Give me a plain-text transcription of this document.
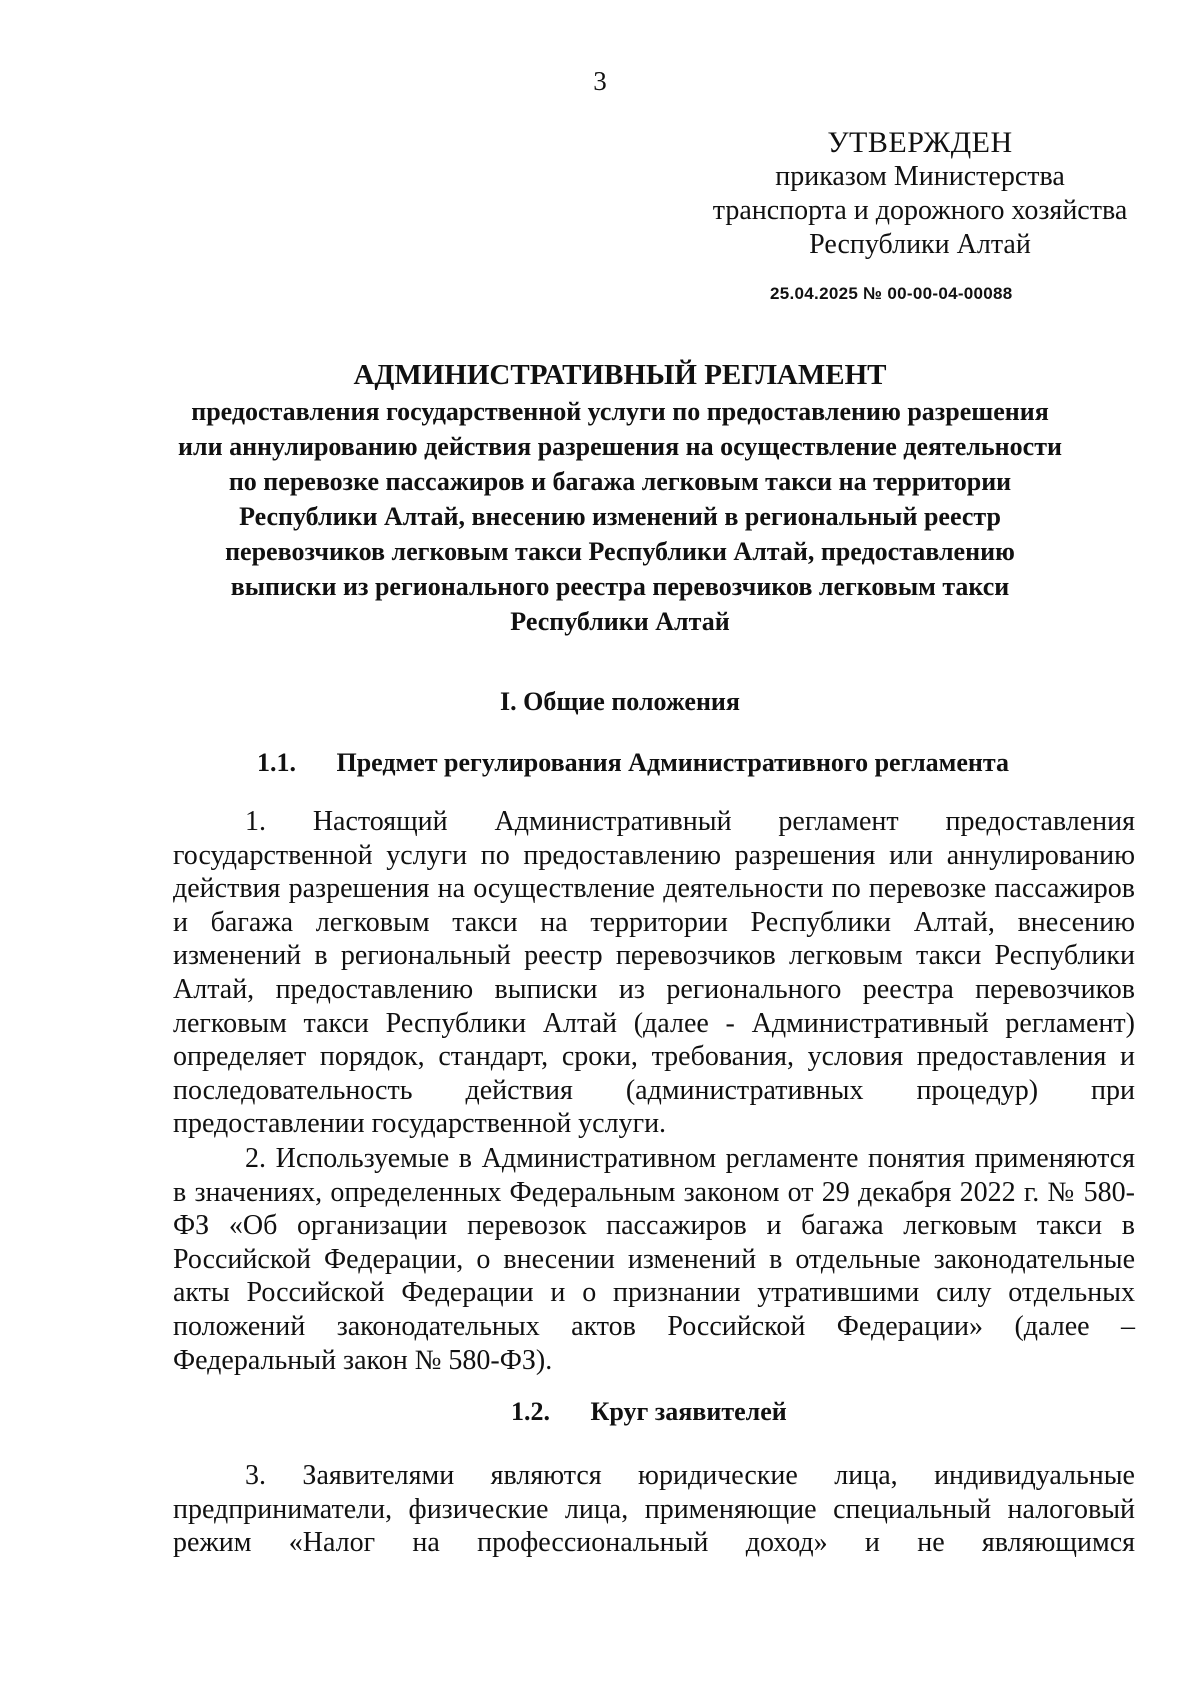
3
УТВЕРЖДЕН
приказом Министерства
транспорта и дорожного хозяйства
Республики Алтай
25.04.2025 № 00-00-04-00088
АДМИНИСТРАТИВНЫЙ РЕГЛАМЕНТ
предоставления государственной услуги по предоставлению разрешения или аннулированию действия разрешения на осуществление деятельности по перевозке пассажиров и багажа легковым такси на территории Республики Алтай, внесению изменений в региональный реестр перевозчиков легковым такси Республики Алтай, предоставлению выписки из регионального реестра перевозчиков легковым такси Республики Алтай
I. Общие положения
1.1. Предмет регулирования Административного регламента

1. Настоящий Административный регламент предоставления государственной услуги по предоставлению разрешения или аннулированию действия разрешения на осуществление деятельности по перевозке пассажиров и багажа легковым такси на территории Республики Алтай, внесению изменений в региональный реестр перевозчиков легковым такси Республики Алтай, предоставлению выписки из регионального реестра перевозчиков легковым такси Республики Алтай (далее - Административный регламент) определяет порядок, стандарт, сроки, требования, условия предоставления и последовательность действия (административных процедур) при предоставлении государственной услуги.

2. Используемые в Административном регламенте понятия применяются в значениях, определенных Федеральным законом от 29 декабря 2022 г. № 580-ФЗ «Об организации перевозок пассажиров и багажа легковым такси в Российской Федерации, о внесении изменений в отдельные законодательные акты Российской Федерации и о признании утратившими силу отдельных положений законодательных актов Российской Федерации» (далее – Федеральный закон № 580-ФЗ).

1.2. Круг заявителей

3. Заявителями являются юридические лица, индивидуальные предприниматели, физические лица, применяющие специальный налоговый режим «Налог на профессиональный доход» и не являющимся
